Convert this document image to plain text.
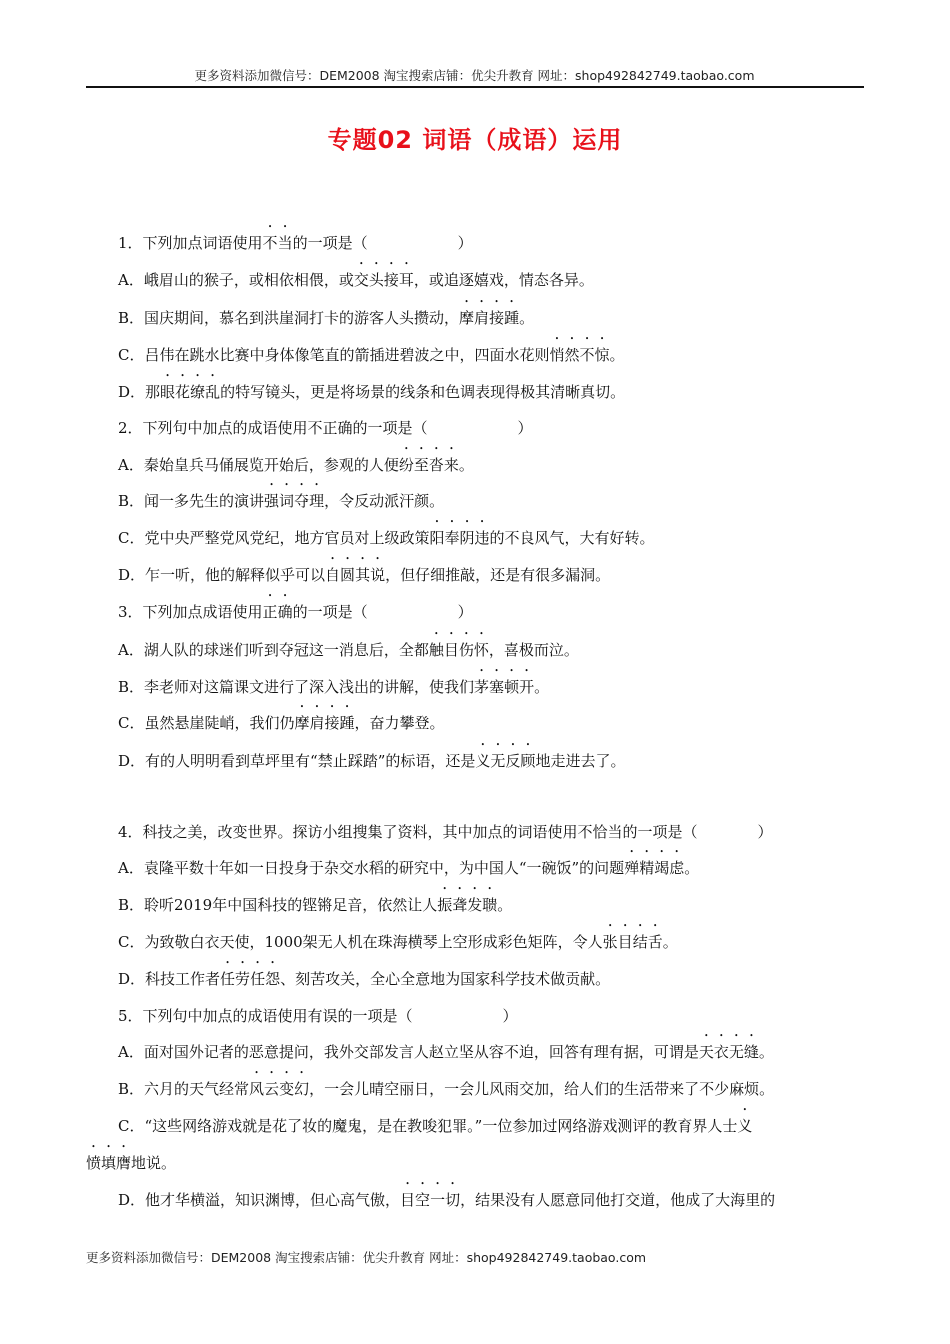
更多资料添加微信号：DEM2008 淘宝搜索店铺：优尖升教育 网址：shop492842749.taobao.com
专题02 词语（成语）运用
1．下列加点词语使用不当的一项是（　　　　　　）
A．峨眉山的猴子，或相依相偎，或交头接耳，或追逐嬉戏，情态各异。
B．国庆期间，慕名到洪崖洞打卡的游客人头攒动，摩肩接踵。
C．吕伟在跳水比赛中身体像笔直的箭插进碧波之中，四面水花则悄然不惊。
D．那眼花缭乱的特写镜头，更是将场景的线条和色调表现得极其清晰真切。
2．下列句中加点的成语使用不正确的一项是（　　　　　　）
A．秦始皇兵马俑展览开始后，参观的人便纷至沓来。
B．闻一多先生的演讲强词夺理，令反动派汗颜。
C．党中央严整党风党纪，地方官员对上级政策阳奉阴违的不良风气，大有好转。
D．乍一听，他的解释似乎可以自圆其说，但仔细推敲，还是有很多漏洞。
3．下列加点成语使用正确的一项是（　　　　　　）
A．湖人队的球迷们听到夺冠这一消息后，全都触目伤怀，喜极而泣。
B．李老师对这篇课文进行了深入浅出的讲解，使我们茅塞顿开。
C．虽然悬崖陡峭，我们仍摩肩接踵，奋力攀登。
D．有的人明明看到草坪里有“禁止踩踏”的标语，还是义无反顾地走进去了。
4．科技之美，改变世界。探访小组搜集了资料，其中加点的词语使用不恰当的一项是（　　　　）
A．袁隆平数十年如一日投身于杂交水稻的研究中，为中国人“一碗饭”的问题殚精竭虑。
B．聆听2019年中国科技的铿锵足音，依然让人振聋发聩。
C．为致敬白衣天使，1000架无人机在珠海横琴上空形成彩色矩阵，令人张目结舌。
D．科技工作者任劳任怨、刻苦攻关，全心全意地为国家科学技术做贡献。
5．下列句中加点的成语使用有误的一项是（　　　　　　）
A．面对国外记者的恶意提问，我外交部发言人赵立坚从容不迫，回答有理有据，可谓是天衣无缝。
B．六月的天气经常风云变幻，一会儿晴空丽日，一会儿风雨交加，给人们的生活带来了不少麻烦。
C．“这些网络游戏就是花了妆的魔鬼，是在教唆犯罪。”一位参加过网络游戏测评的教育界人士义
愤填膺地说。
D．他才华横溢，知识渊博，但心高气傲，目空一切，结果没有人愿意同他打交道，他成了大海里的
更多资料添加微信号：DEM2008 淘宝搜索店铺：优尖升教育 网址：shop492842749.taobao.com
